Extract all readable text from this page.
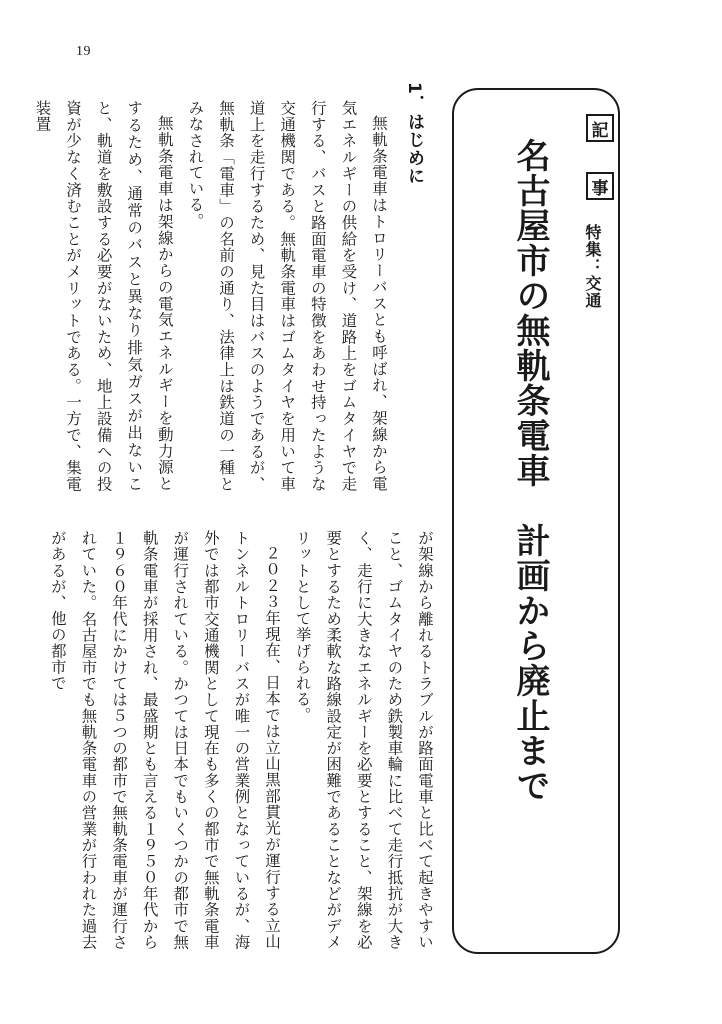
19
記
事
特集：交通
名古屋市の無軌条電車　計画から廃止まで
1．はじめに

無軌条電車はトロリーバスとも呼ばれ、架線から電気エネルギーの供給を受け、道路上をゴムタイヤで走行する、バスと路面電車の特徴をあわせ持ったような交通機関である。無軌条電車はゴムタイヤを用いて車道上を走行するため、見た目はバスのようであるが、無軌条「電車」の名前の通り、法律上は鉄道の一種とみなされている。

無軌条電車は架線からの電気エネルギーを動力源とするため、通常のバスと異なり排気ガスが出ないこと、軌道を敷設する必要がないため、地上設備への投資が少なく済むことがメリットである。一方で、集電装置

が架線から離れるトラブルが路面電車と比べて起きやすいこと、ゴムタイヤのため鉄製車輪に比べて走行抵抗が大きく、走行に大きなエネルギーを必要とすること、架線を必要とするため柔軟な路線設定が困難であることなどがデメリットとして挙げられる。

２０２３年現在、日本では立山黒部貫光が運行する立山トンネルトロリーバスが唯一の営業例となっているが、海外では都市交通機関として現在も多くの都市で無軌条電車が運行されている。かつては日本でもいくつかの都市で無軌条電車が採用され、最盛期とも言える１９５０年代から１９６０年代にかけては５つの都市で無軌条電車が運行されていた。名古屋市でも無軌条電車の営業が行われた過去があるが、他の都市で
